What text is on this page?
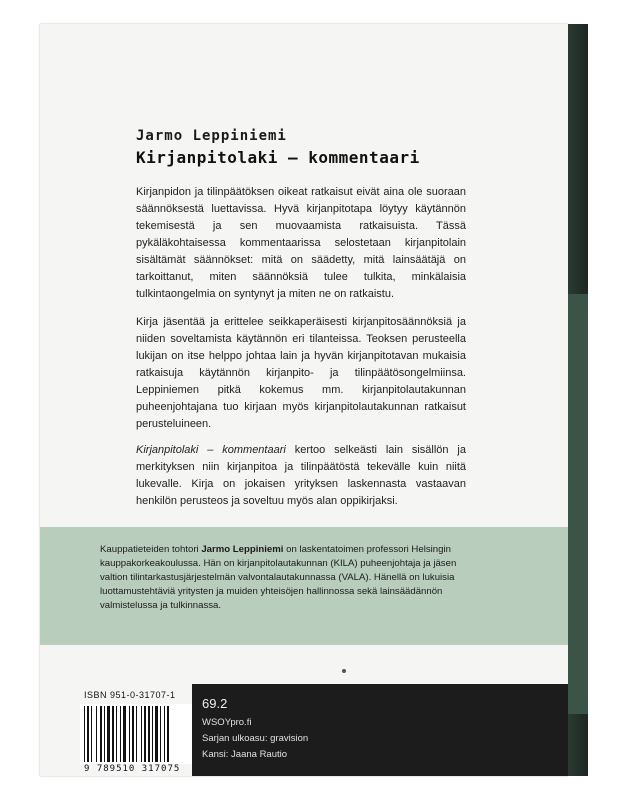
Jarmo Leppiniemi
Kirjanpitolaki – kommentaari
Kirjanpidon ja tilinpäätöksen oikeat ratkaisut eivät aina ole suoraan säännöksestä luettavissa. Hyvä kirjanpitotapa löytyy käytännön tekemisestä ja sen muovaamista ratkaisuista. Tässä pykäläkohtaisessa kommentaarissa selostetaan kirjanpitolain sisältämät säännökset: mitä on säädetty, mitä lainsäätäjä on tarkoittanut, miten säännöksiä tulee tulkita, minkälaisia tulkintaongelmia on syntynyt ja miten ne on ratkaistu.
Kirja jäsentää ja erittelee seikkaperäisesti kirjanpitosäännöksiä ja niiden soveltamista käytännön eri tilanteissa. Teoksen perusteella lukijan on itse helppo johtaa lain ja hyvän kirjanpitotavan mukaisia ratkaisuja käytännön kirjanpito- ja tilinpäätösongelmiinsa. Leppiniemen pitkä kokemus mm. kirjanpitolautakunnan puheenjohtajana tuo kirjaan myös kirjanpitolautakunnan ratkaisut perusteluineen.
Kirjanpitolaki – kommentaari kertoo selkeästi lain sisällön ja merkityksen niin kirjanpitoa ja tilinpäätöstä tekevälle kuin niitä lukevalle. Kirja on jokaisen yrityksen laskennasta vastaavan henkilön perusteos ja soveltuu myös alan oppikirjaksi.
Kauppatieteiden tohtori Jarmo Leppiniemi on laskentatoimen professori Helsingin kauppakorkeakoulussa. Hän on kirjanpitolautakunnan (KILA) puheenjohtaja ja jäsen valtion tilintarkastusjärjestelmän valvontalautakunnassa (VALA). Hänellä on lukuisia luottamustehtäviä yritysten ja muiden yhteisöjen hallinnossa sekä lainsäädännön valmistelussa ja tulkinnassa.
ISBN 951-0-31707-1
9 789510 317075
69.2
WSOYpro.fi
Sarjan ulkoasu: gravision
Kansi: Jaana Rautio
